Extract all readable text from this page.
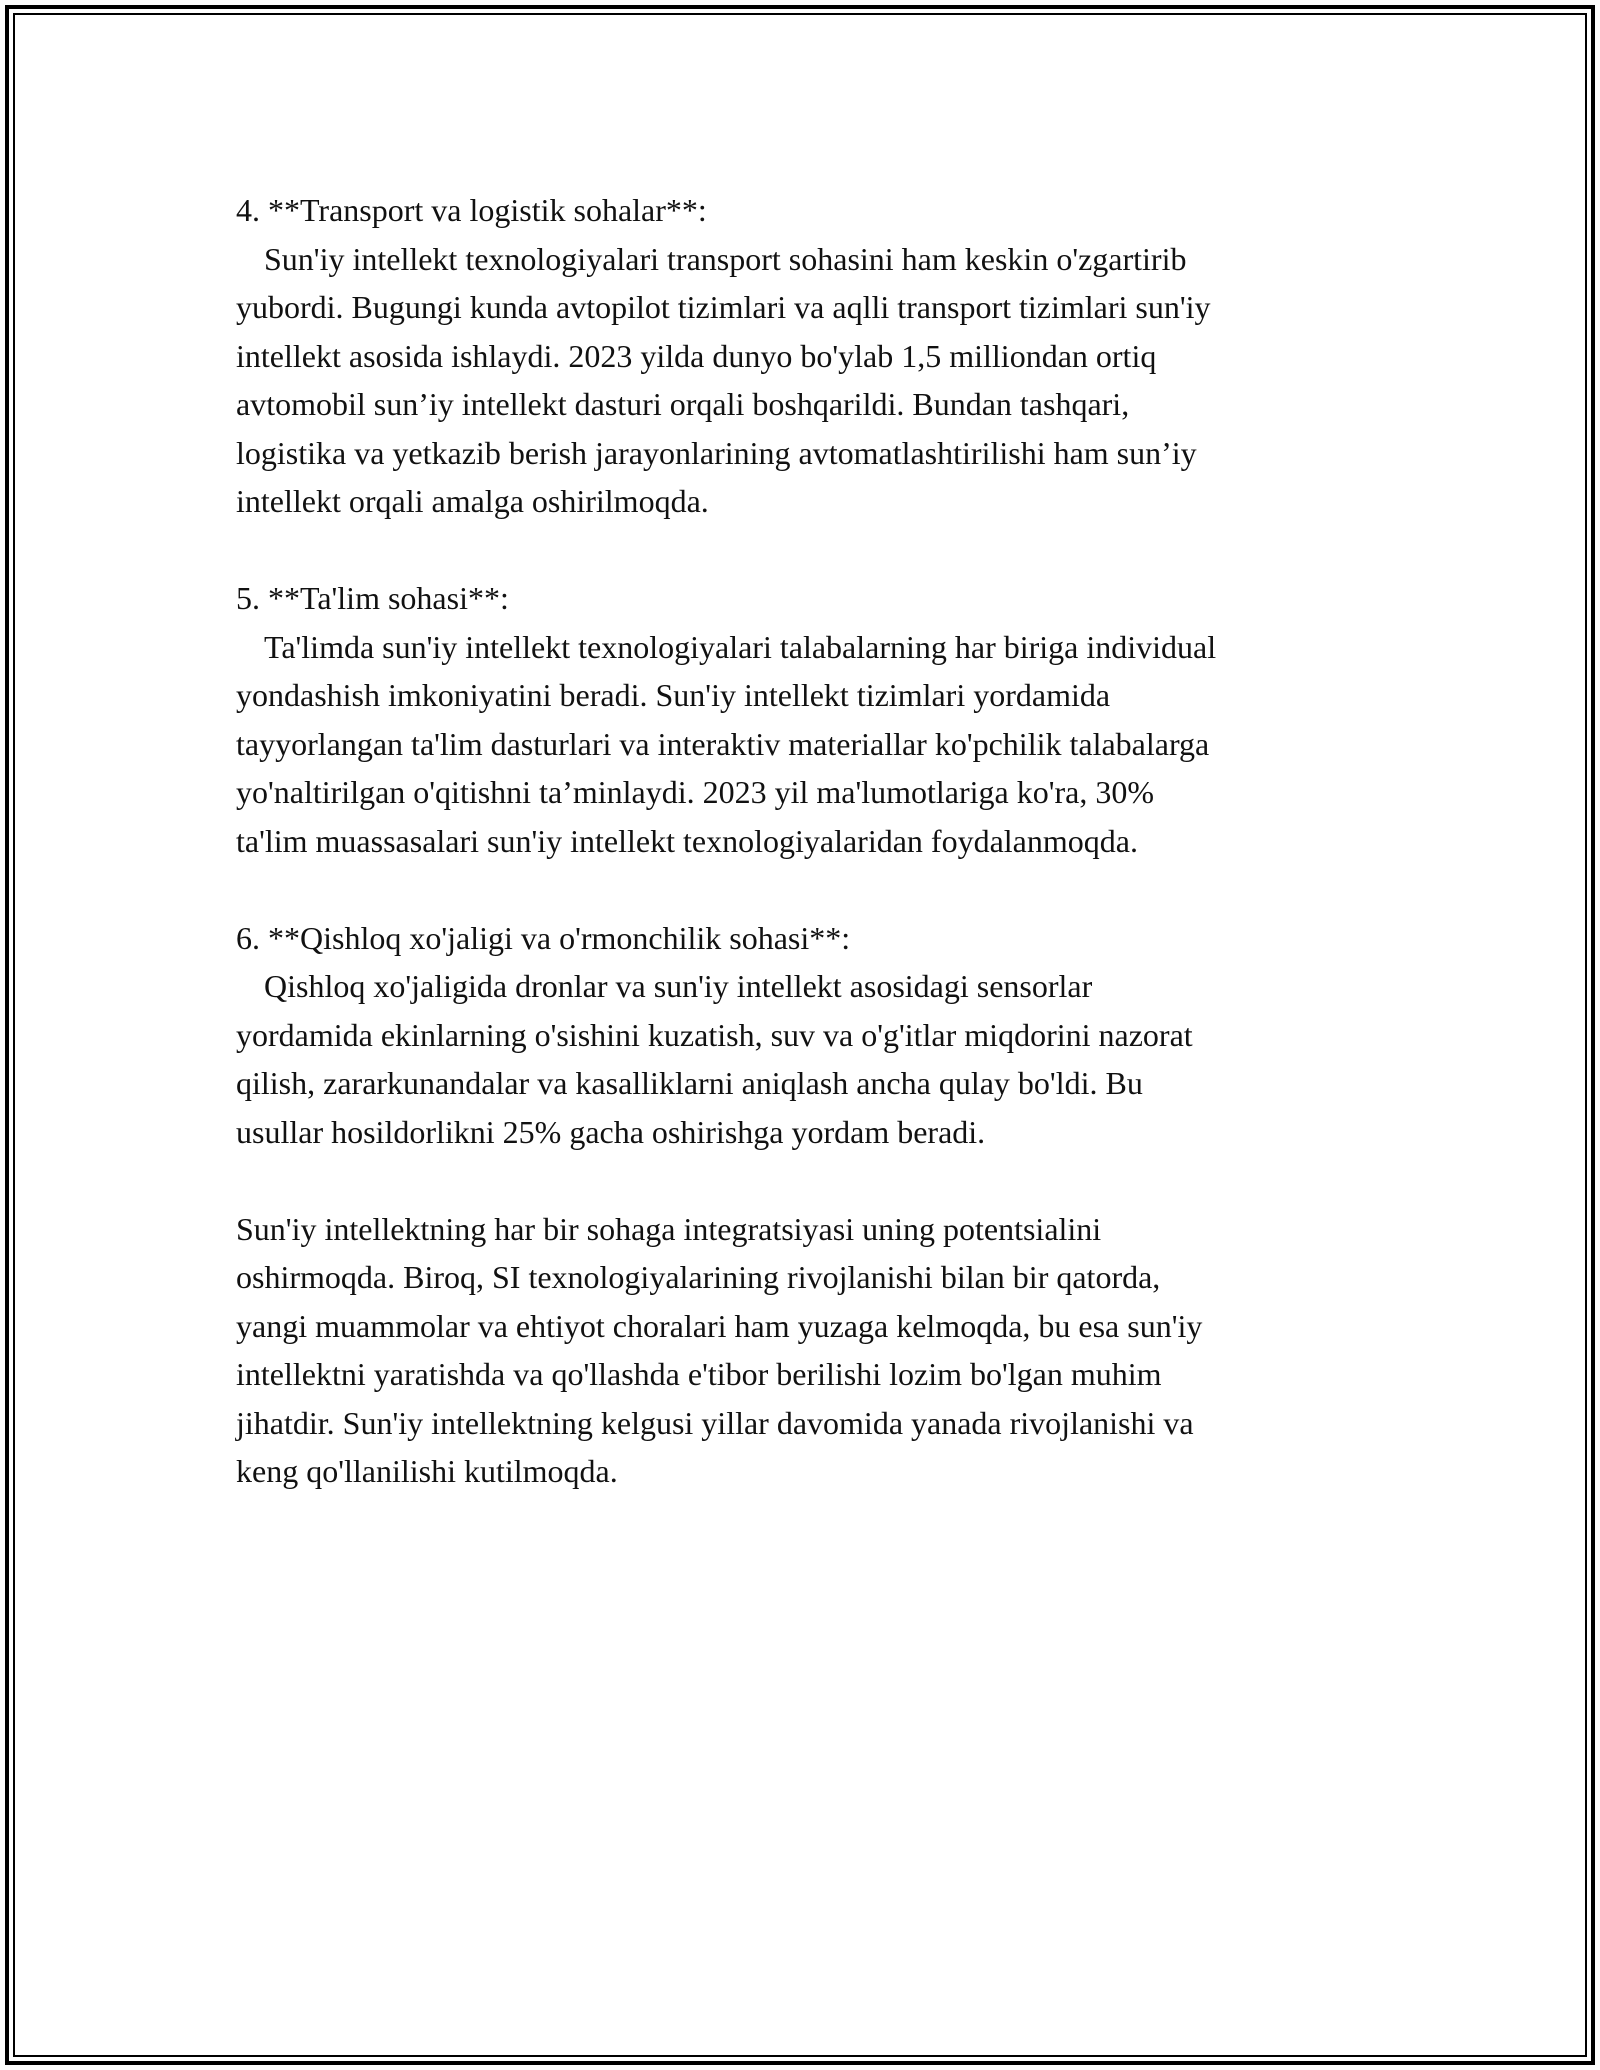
4. **Transport va logistik sohalar**:
Sun'iy intellekt texnologiyalari transport sohasini ham keskin o'zgartirib
yubordi. Bugungi kunda avtopilot tizimlari va aqlli transport tizimlari sun'iy
intellekt asosida ishlaydi. 2023 yilda dunyo bo'ylab 1,5 milliondan ortiq
avtomobil sun’iy intellekt dasturi orqali boshqarildi. Bundan tashqari,
logistika va yetkazib berish jarayonlarining avtomatlashtirilishi ham sun’iy
intellekt orqali amalga oshirilmoqda.
5. **Ta'lim sohasi**:
Ta'limda sun'iy intellekt texnologiyalari talabalarning har biriga individual
yondashish imkoniyatini beradi. Sun'iy intellekt tizimlari yordamida
tayyorlangan ta'lim dasturlari va interaktiv materiallar ko'pchilik talabalarga
yo'naltirilgan o'qitishni ta’minlaydi. 2023 yil ma'lumotlariga ko'ra, 30%
ta'lim muassasalari sun'iy intellekt texnologiyalaridan foydalanmoqda.
6. **Qishloq xo'jaligi va o'rmonchilik sohasi**:
Qishloq xo'jaligida dronlar va sun'iy intellekt asosidagi sensorlar
yordamida ekinlarning o'sishini kuzatish, suv va o'g'itlar miqdorini nazorat
qilish, zararkunandalar va kasalliklarni aniqlash ancha qulay bo'ldi. Bu
usullar hosildorlikni 25% gacha oshirishga yordam beradi.
Sun'iy intellektning har bir sohaga integratsiyasi uning potentsialini
oshirmoqda. Biroq, SI texnologiyalarining rivojlanishi bilan bir qatorda,
yangi muammolar va ehtiyot choralari ham yuzaga kelmoqda, bu esa sun'iy
intellektni yaratishda va qo'llashda e'tibor berilishi lozim bo'lgan muhim
jihatdir. Sun'iy intellektning kelgusi yillar davomida yanada rivojlanishi va
keng qo'llanilishi kutilmoqda.
